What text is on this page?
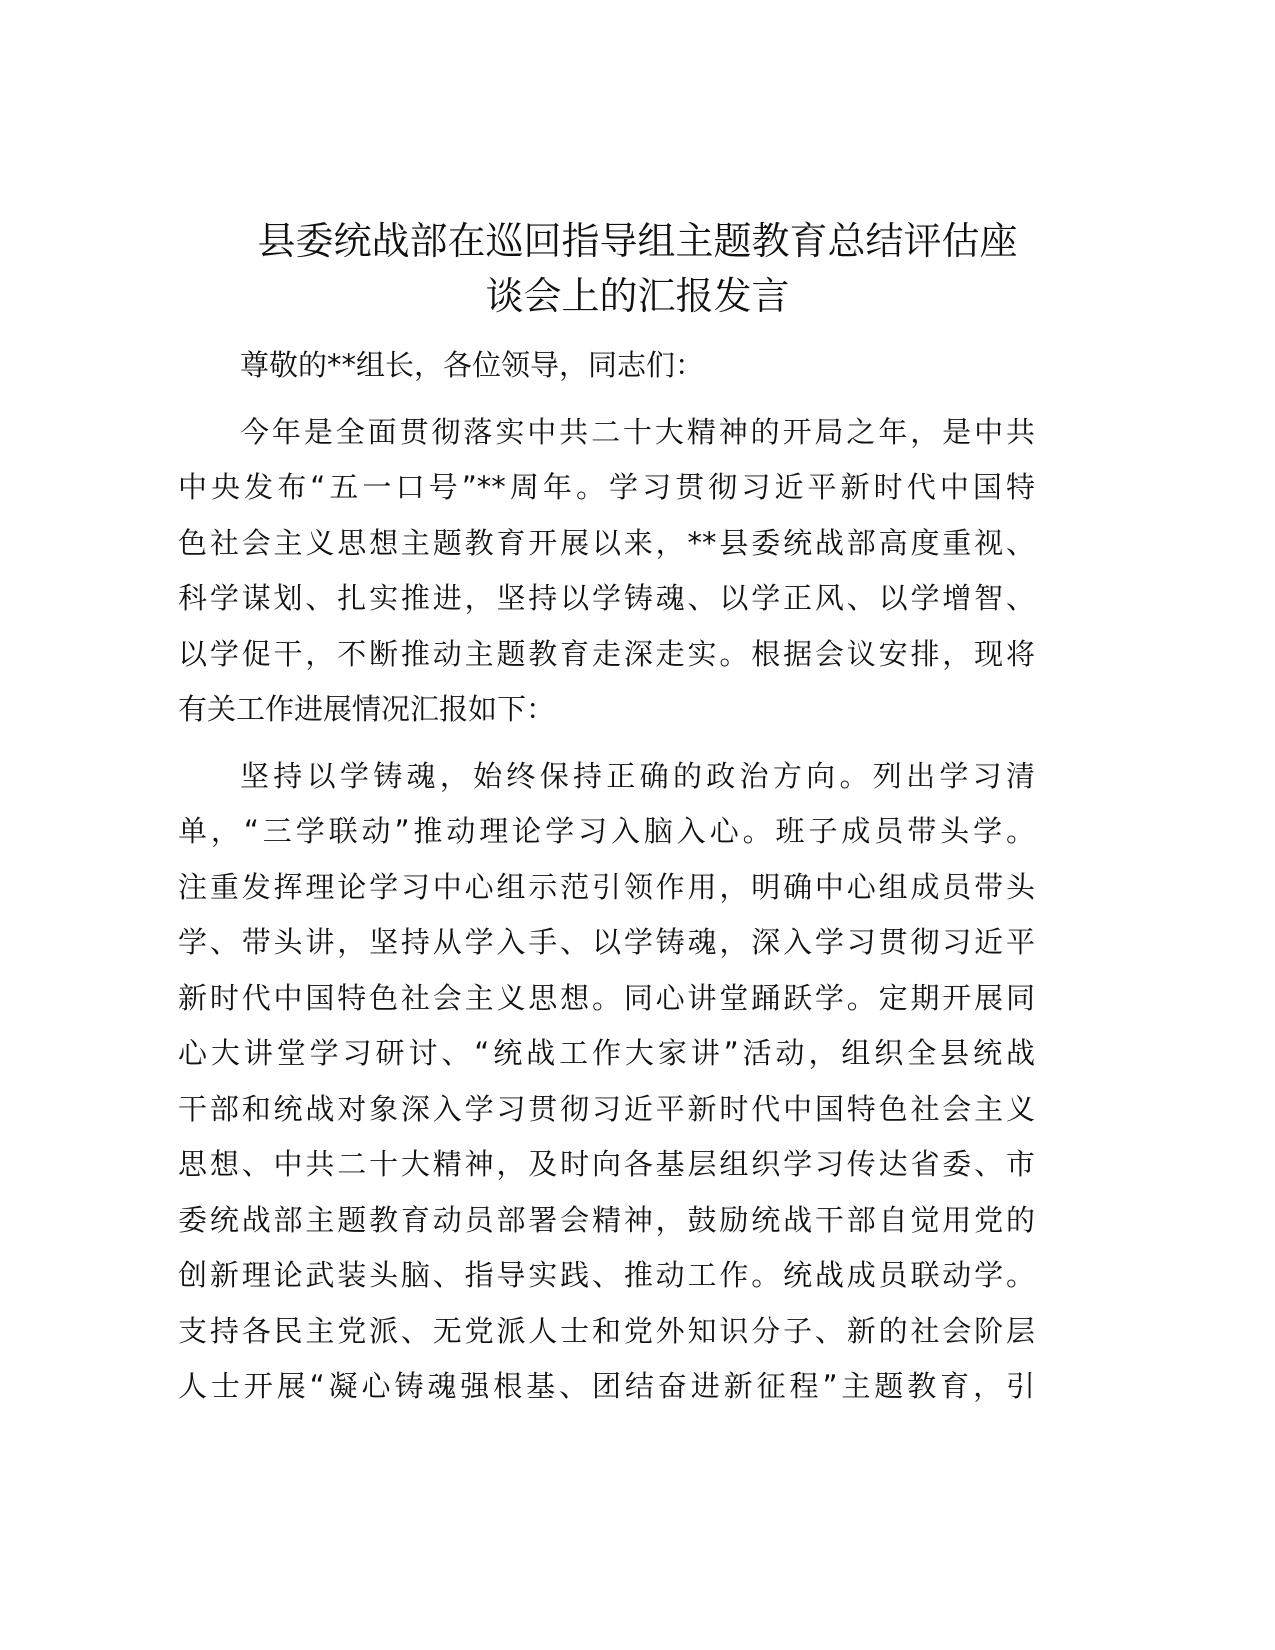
县委统战部在巡回指导组主题教育总结评估座
谈会上的汇报发言
尊敬的**组长，各位领导，同志们：
今年是全面贯彻落实中共二十大精神的开局之年，是中共
中央发布“五一口号”**周年。学习贯彻习近平新时代中国特
色社会主义思想主题教育开展以来，**县委统战部高度重视、
科学谋划、扎实推进，坚持以学铸魂、以学正风、以学增智、
以学促干，不断推动主题教育走深走实。根据会议安排，现将
有关工作进展情况汇报如下：
坚持以学铸魂，始终保持正确的政治方向。列出学习清
单，“三学联动”推动理论学习入脑入心。班子成员带头学。
注重发挥理论学习中心组示范引领作用，明确中心组成员带头
学、带头讲，坚持从学入手、以学铸魂，深入学习贯彻习近平
新时代中国特色社会主义思想。同心讲堂踊跃学。定期开展同
心大讲堂学习研讨、“统战工作大家讲”活动，组织全县统战
干部和统战对象深入学习贯彻习近平新时代中国特色社会主义
思想、中共二十大精神，及时向各基层组织学习传达省委、市
委统战部主题教育动员部署会精神，鼓励统战干部自觉用党的
创新理论武装头脑、指导实践、推动工作。统战成员联动学。
支持各民主党派、无党派人士和党外知识分子、新的社会阶层
人士开展“凝心铸魂强根基、团结奋进新征程”主题教育，引
